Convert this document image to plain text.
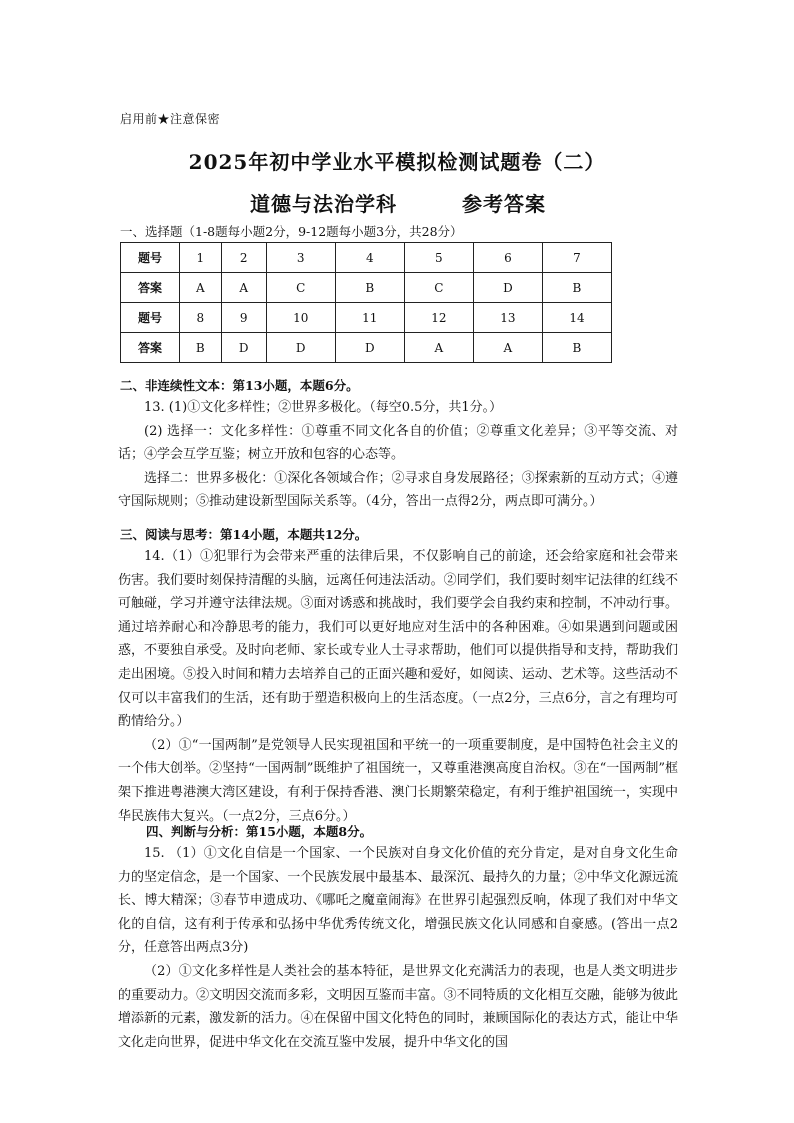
启用前★注意保密
2025年初中学业水平模拟检测试题卷（二）
道德与法治学科	参考答案
一、选择题（1-8题每小题2分，9-12题每小题3分，共28分）
题号	1	2	3	4	5	6	7
答案	A	A	C	B	C	D	B
题号	8	9	10	11	12	13	14
答案	B	D	D	D	A	A	B
二、非连续性文本：第13小题，本题6分。

13. (1)①文化多样性；②世界多极化。（每空0.5分，共1分。）

(2) 选择一：文化多样性：①尊重不同文化各自的价值；②尊重文化差异；③平等交流、对话；④学会互学互鉴；树立开放和包容的心态等。

选择二：世界多极化：①深化各领域合作；②寻求自身发展路径；③探索新的互动方式；④遵守国际规则；⑤推动建设新型国际关系等。（4分，答出一点得2分，两点即可满分。）

三、阅读与思考：第14小题，本题共12分。

14.（1）①犯罪行为会带来严重的法律后果，不仅影响自己的前途，还会给家庭和社会带来伤害。我们要时刻保持清醒的头脑，远离任何违法活动。②同学们，我们要时刻牢记法律的红线不可触碰，学习并遵守法律法规。③面对诱惑和挑战时，我们要学会自我约束和控制，不冲动行事。通过培养耐心和冷静思考的能力，我们可以更好地应对生活中的各种困难。④如果遇到问题或困惑，不要独自承受。及时向老师、家长或专业人士寻求帮助，他们可以提供指导和支持，帮助我们走出困境。⑤投入时间和精力去培养自己的正面兴趣和爱好，如阅读、运动、艺术等。这些活动不仅可以丰富我们的生活，还有助于塑造积极向上的生活态度。（一点2分，三点6分，言之有理均可酌情给分。）

（2）①“一国两制”是党领导人民实现祖国和平统一的一项重要制度，是中国特色社会主义的一个伟大创举。②坚持“一国两制”既维护了祖国统一，又尊重港澳高度自治权。③在“一国两制”框架下推进粤港澳大湾区建设，有利于保持香港、澳门长期繁荣稳定，有利于维护祖国统一，实现中华民族伟大复兴。（一点2分，三点6分。）

四、判断与分析：第15小题，本题8分。

15. （1）①文化自信是一个国家、一个民族对自身文化价值的充分肯定，是对自身文化生命力的坚定信念，是一个国家、一个民族发展中最基本、最深沉、最持久的力量；②中华文化源远流长、博大精深；③春节申遗成功、《哪吒之魔童闹海》在世界引起强烈反响，体现了我们对中华文化的自信，这有利于传承和弘扬中华优秀传统文化，增强民族文化认同感和自豪感。(答出一点2分，任意答出两点3分)

（2）①文化多样性是人类社会的基本特征，是世界文化充满活力的表现，也是人类文明进步的重要动力。②文明因交流而多彩，文明因互鉴而丰富。③不同特质的文化相互交融，能够为彼此增添新的元素，激发新的活力。④在保留中国文化特色的同时，兼顾国际化的表达方式，能让中华文化走向世界，促进中华文化在交流互鉴中发展，提升中华文化的国
